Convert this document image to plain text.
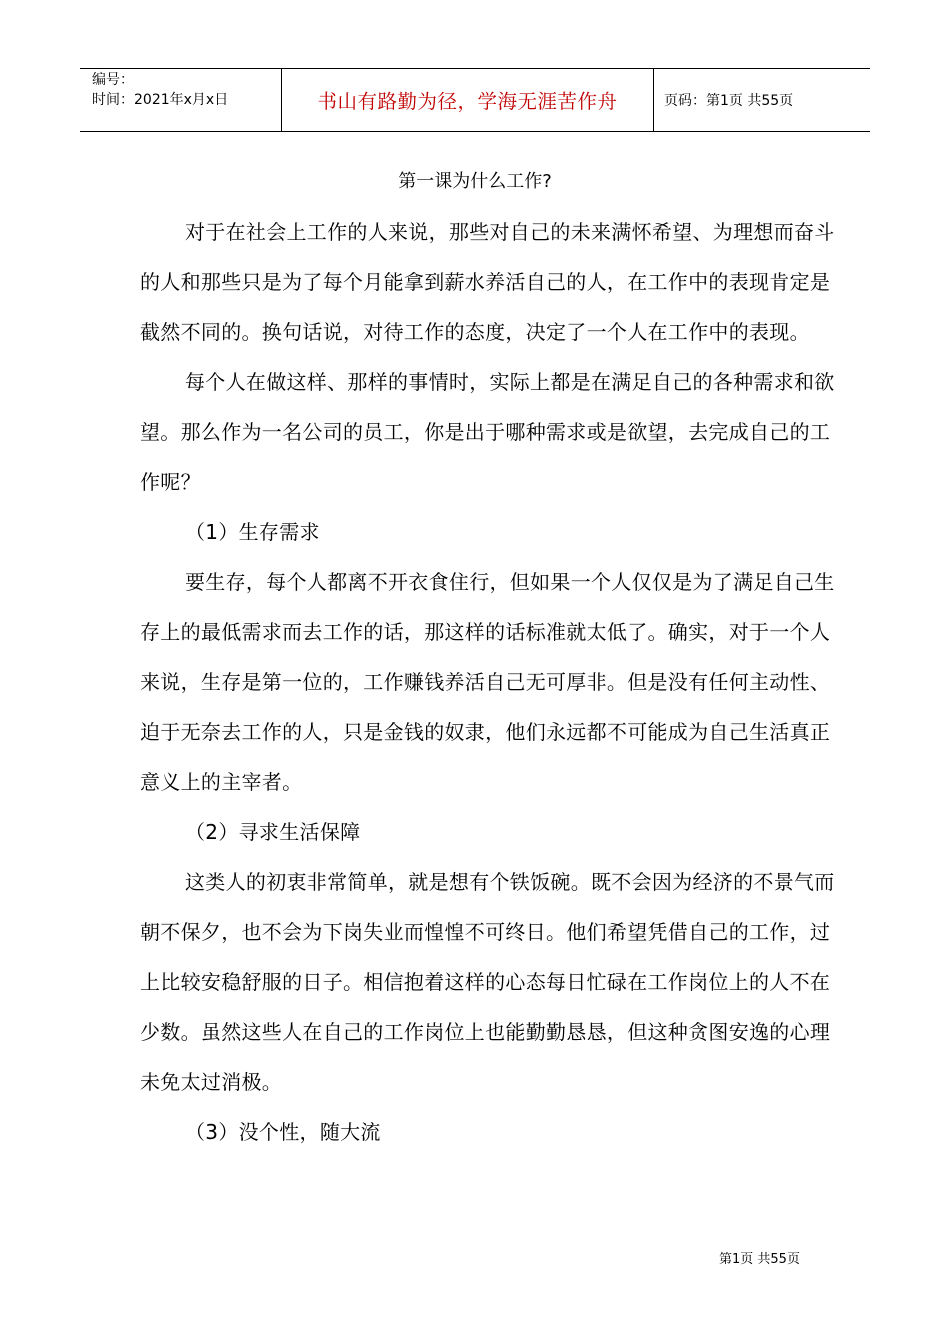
编号：
时间：2021年x月x日	书山有路勤为径，学海无涯苦作舟	页码：第1页 共55页
第一课为什么工作?

对于在社会上工作的人来说，那些对自己的未来满怀希望、为理想而奋斗的人和那些只是为了每个月能拿到薪水养活自己的人，在工作中的表现肯定是截然不同的。换句话说，对待工作的态度，决定了一个人在工作中的表现。

每个人在做这样、那样的事情时，实际上都是在满足自己的各种需求和欲望。那么作为一名公司的员工，你是出于哪种需求或是欲望，去完成自己的工作呢？

（1）生存需求

要生存，每个人都离不开衣食住行，但如果一个人仅仅是为了满足自己生存上的最低需求而去工作的话，那这样的话标准就太低了。确实，对于一个人来说，生存是第一位的，工作赚钱养活自己无可厚非。但是没有任何主动性、迫于无奈去工作的人，只是金钱的奴隶，他们永远都不可能成为自己生活真正意义上的主宰者。

（2）寻求生活保障

这类人的初衷非常简单，就是想有个铁饭碗。既不会因为经济的不景气而朝不保夕，也不会为下岗失业而惶惶不可终日。他们希望凭借自己的工作，过上比较安稳舒服的日子。相信抱着这样的心态每日忙碌在工作岗位上的人不在少数。虽然这些人在自己的工作岗位上也能勤勤恳恳，但这种贪图安逸的心理未免太过消极。

（3）没个性，随大流

第1页 共55页
